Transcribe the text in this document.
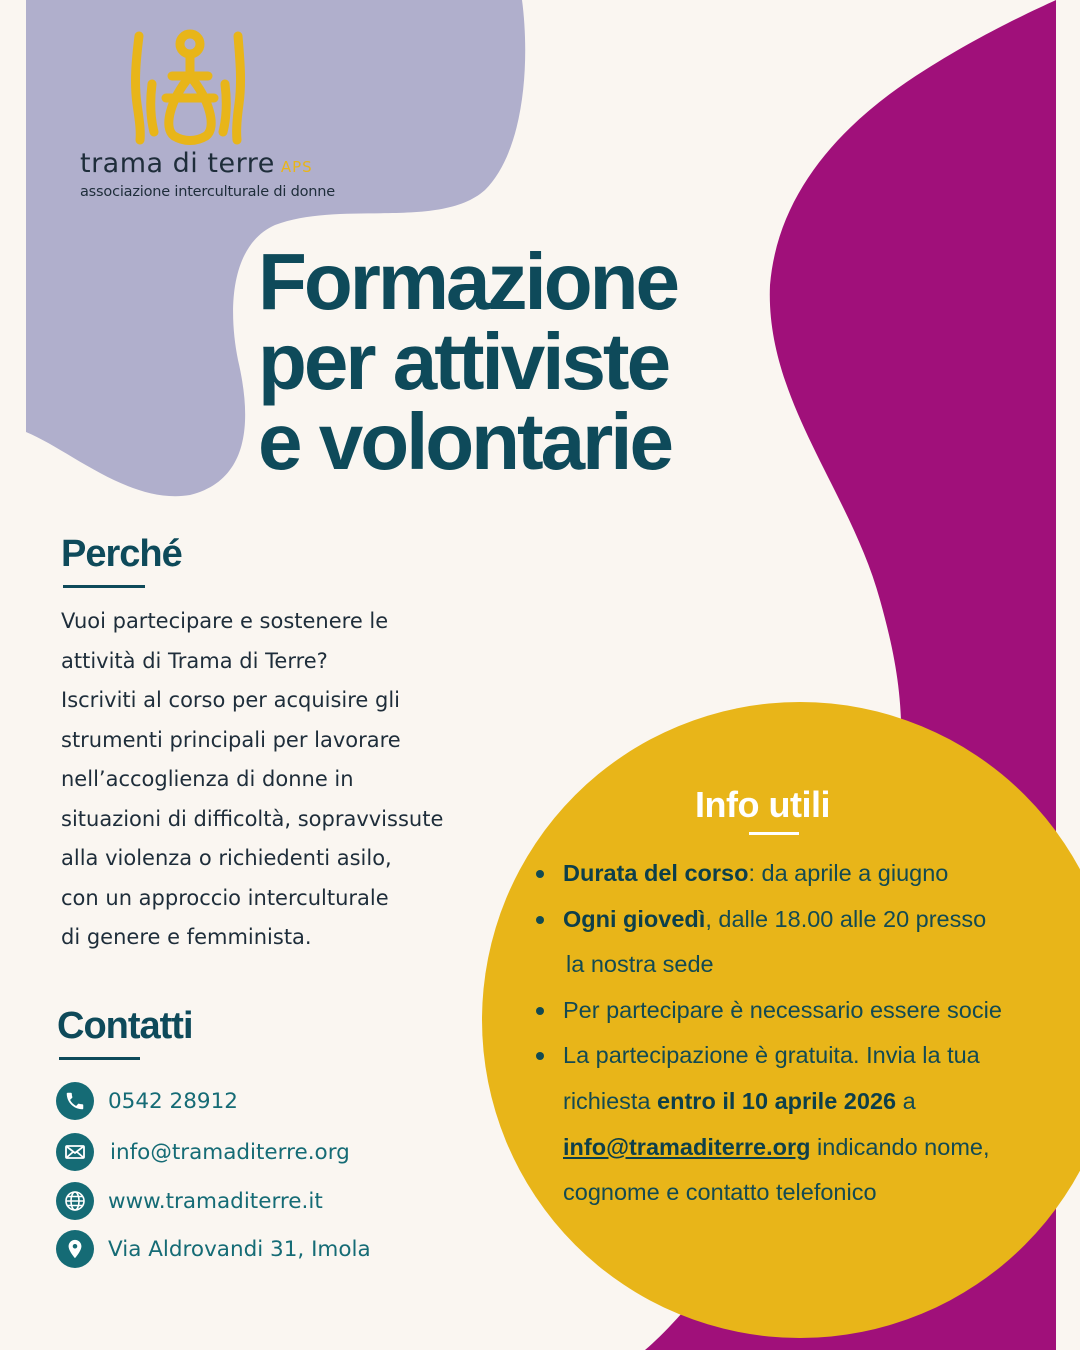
trama di terre APS
associazione interculturale di donne
Formazione
per attiviste
e volontarie
Perché

Vuoi partecipare e sostenere le
attività di Trama di Terre?
Iscriviti al corso per acquisire gli
strumenti principali per lavorare
nell’accoglienza di donne in
situazioni di difficoltà, sopravvissute
alla violenza o richiedenti asilo,
con un approccio interculturale
di genere e femminista.

Contatti
0542 28912
info@tramaditerre.org
www.tramaditerre.it
Via Aldrovandi 31, Imola
Info utili
Durata del corso: da aprile a giugno
Ogni giovedì, dalle 18.00 alle 20 presso
la nostra sede
Per partecipare è necessario essere socie
La partecipazione è gratuita. Invia la tua
richiesta entro il 10 aprile 2026 a
info@tramaditerre.org indicando nome,
cognome e contatto telefonico
